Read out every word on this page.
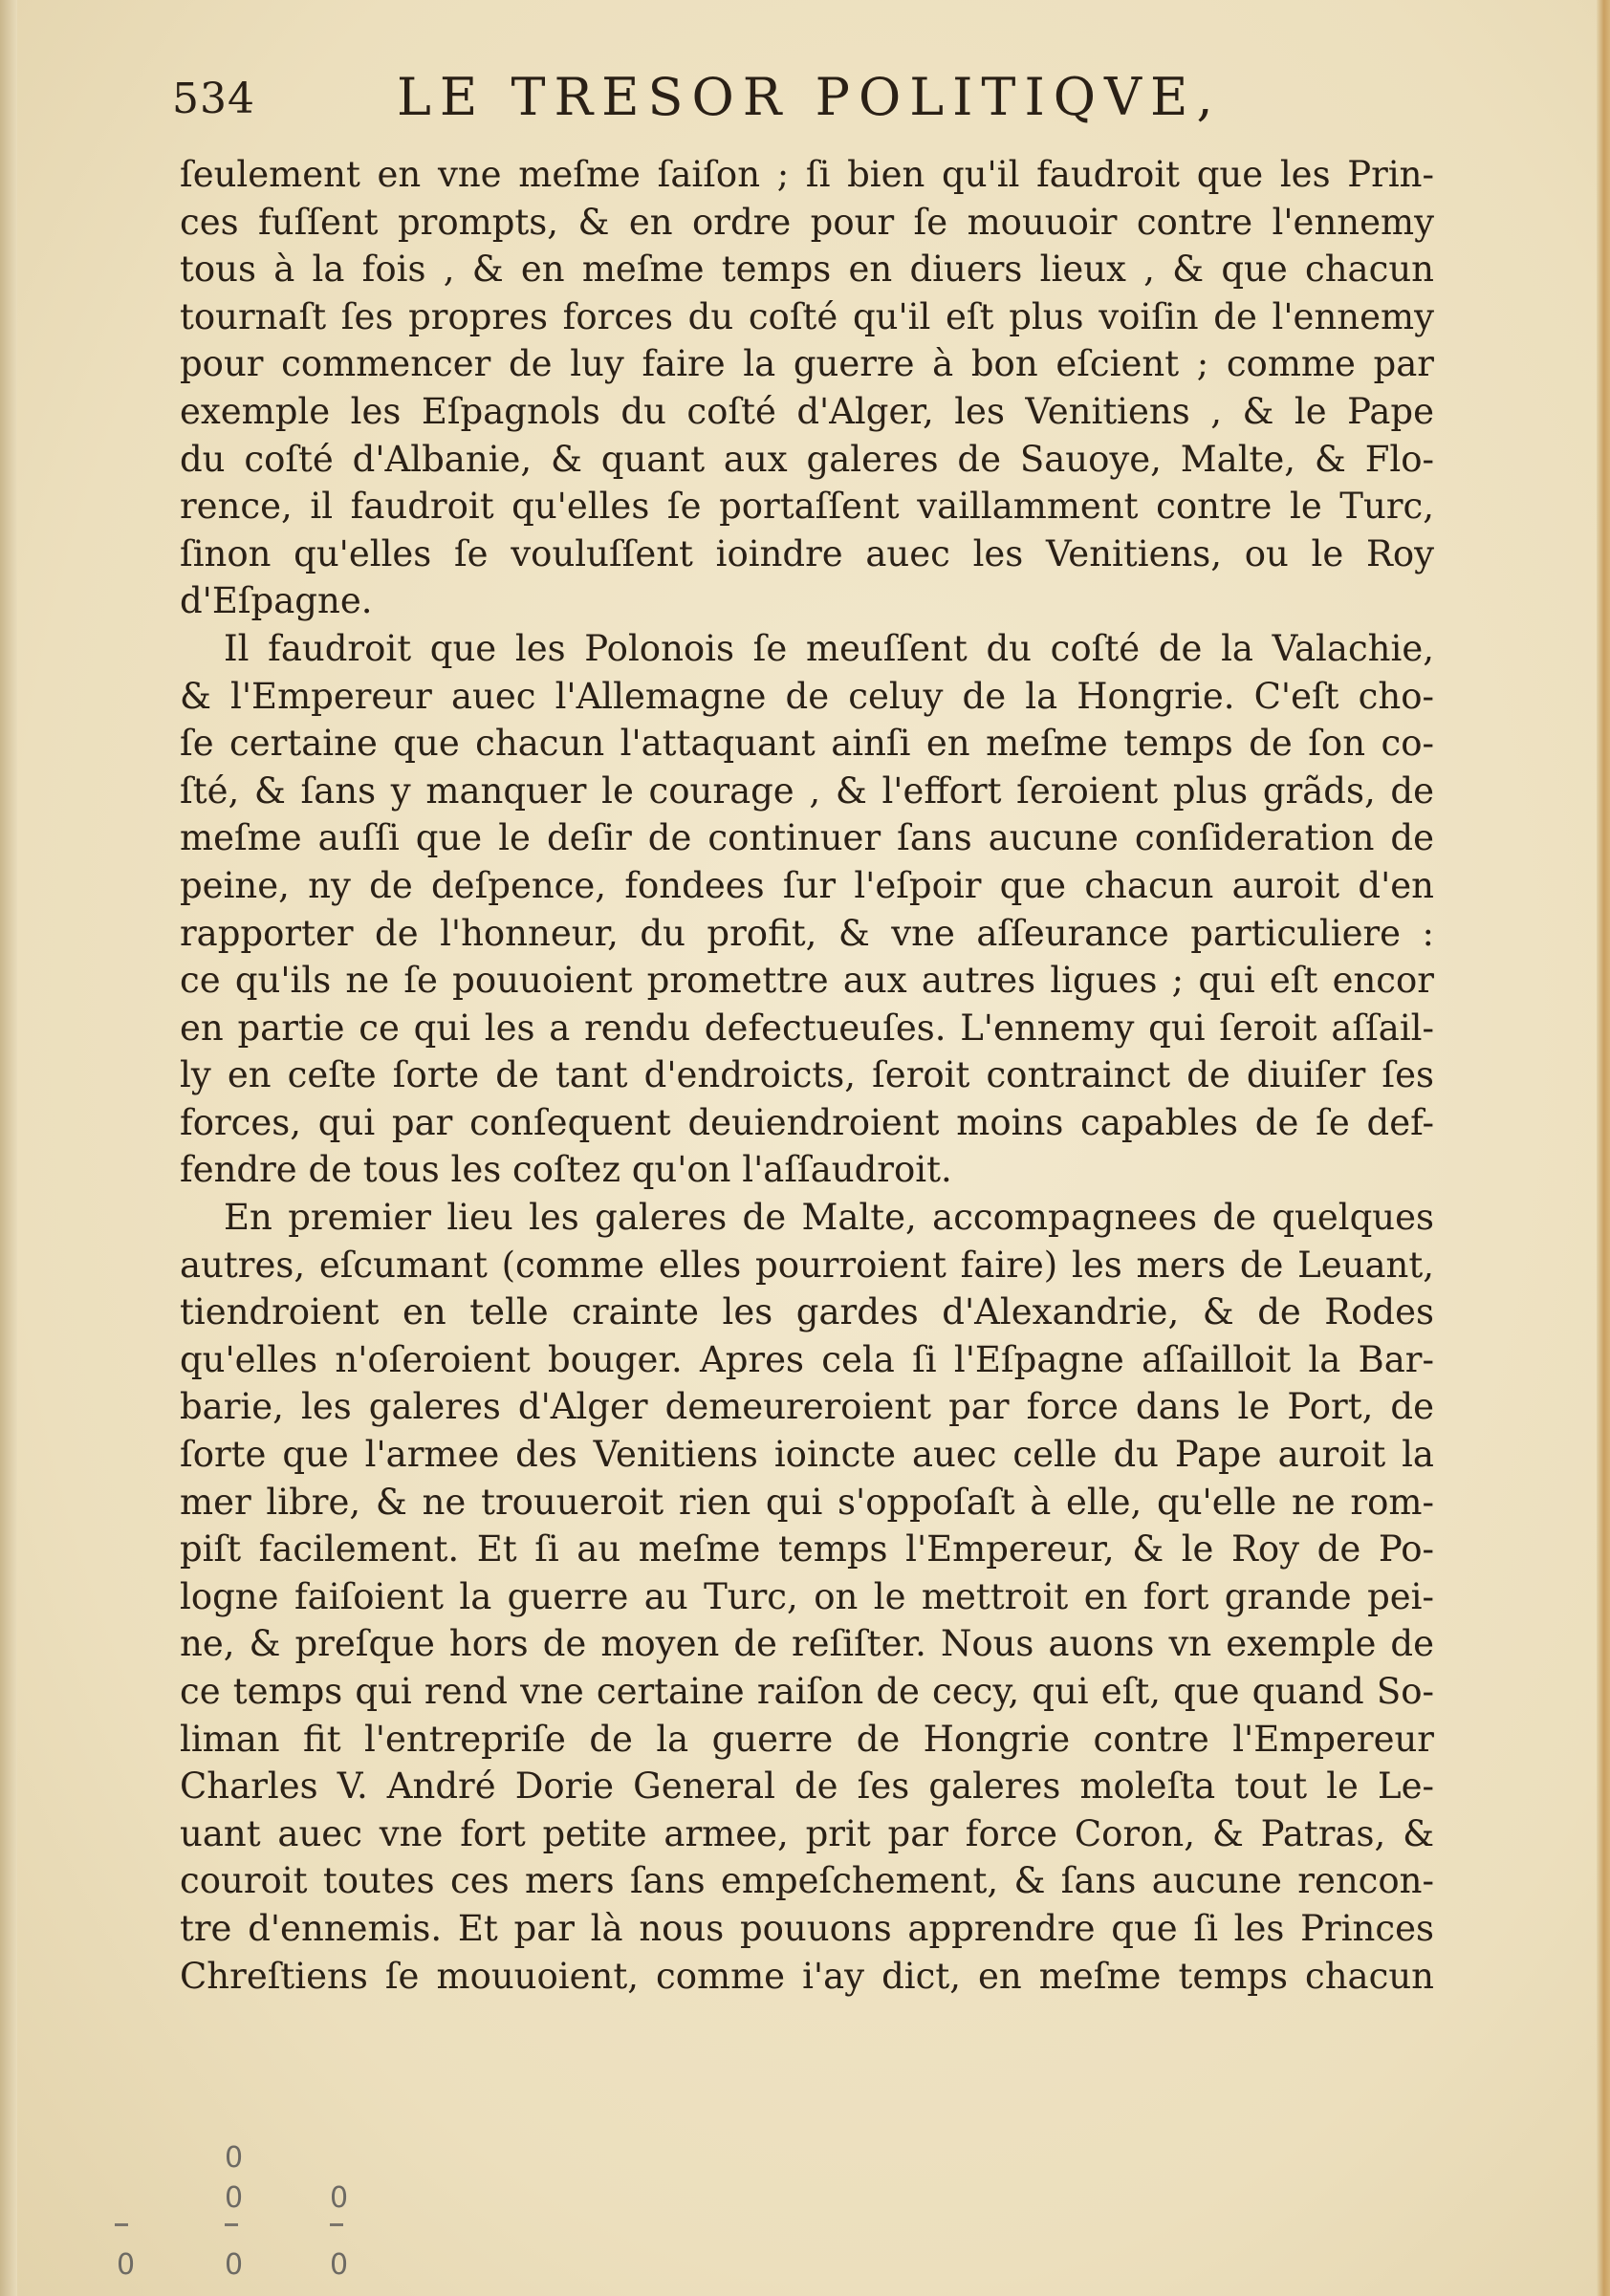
534	LE TRESOR POLITIQVE,
ſeulement en vne meſme ſaiſon ; ſi bien qu'il faudroit que les Prin-
ces fuſſent prompts, & en ordre pour ſe mouuoir contre l'ennemy
tous à la fois , & en meſme temps en diuers lieux , & que chacun
tournaſt ſes propres forces du coſté qu'il eſt plus voiſin de l'ennemy
pour commencer de luy faire la guerre à bon eſcient ; comme par
exemple les Eſpagnols du coſté d'Alger, les Venitiens , & le Pape
du coſté d'Albanie, & quant aux galeres de Sauoye, Malte, & Flo-
rence, il faudroit qu'elles ſe portaſſent vaillamment contre le Turc,
ſinon qu'elles ſe vouluſſent ioindre auec les Venitiens, ou le Roy
d'Eſpagne.
Il faudroit que les Polonois ſe meuſſent du coſté de la Valachie,
& l'Empereur auec l'Allemagne de celuy de la Hongrie. C'eſt cho-
ſe certaine que chacun l'attaquant ainſi en meſme temps de ſon co-
ſté, & ſans y manquer le courage , & l'effort ſeroient plus grãds, de
meſme auſſi que le deſir de continuer ſans aucune conſideration de
peine, ny de deſpence, fondees ſur l'eſpoir que chacun auroit d'en
rapporter de l'honneur, du profit, & vne aſſeurance particuliere :
ce qu'ils ne ſe pouuoient promettre aux autres ligues ; qui eſt encor
en partie ce qui les a rendu defectueuſes. L'ennemy qui ſeroit aſſail-
ly en ceſte ſorte de tant d'endroicts, ſeroit contrainct de diuiſer ſes
forces, qui par conſequent deuiendroient moins capables de ſe def-
fendre de tous les coſtez qu'on l'aſſaudroit.
En premier lieu les galeres de Malte, accompagnees de quelques
autres, eſcumant (comme elles pourroient faire) les mers de Leuant,
tiendroient en telle crainte les gardes d'Alexandrie, & de Rodes
qu'elles n'oſeroient bouger. Apres cela ſi l'Eſpagne aſſailloit la Bar-
barie, les galeres d'Alger demeureroient par force dans le Port, de
ſorte que l'armee des Venitiens ioincte auec celle du Pape auroit la
mer libre, & ne trouueroit rien qui s'oppoſaſt à elle, qu'elle ne rom-
piſt facilement. Et ſi au meſme temps l'Empereur, & le Roy de Po-
logne faiſoient la guerre au Turc, on le mettroit en fort grande pei-
ne, & preſque hors de moyen de reſiſter. Nous auons vn exemple de
ce temps qui rend vne certaine raiſon de cecy, qui eſt, que quand So-
liman fit l'entrepriſe de la guerre de Hongrie contre l'Empereur
Charles V. André Dorie General de ſes galeres moleſta tout le Le-
uant auec vne fort petite armee, prit par force Coron, & Patras, &
couroit toutes ces mers ſans empeſchement, & ſans aucune rencon-
tre d'ennemis. Et par là nous pouuons apprendre que ſi les Princes
Chreſtiens ſe mouuoient, comme i'ay dict, en meſme temps chacun
0
0	0
0	0	0
